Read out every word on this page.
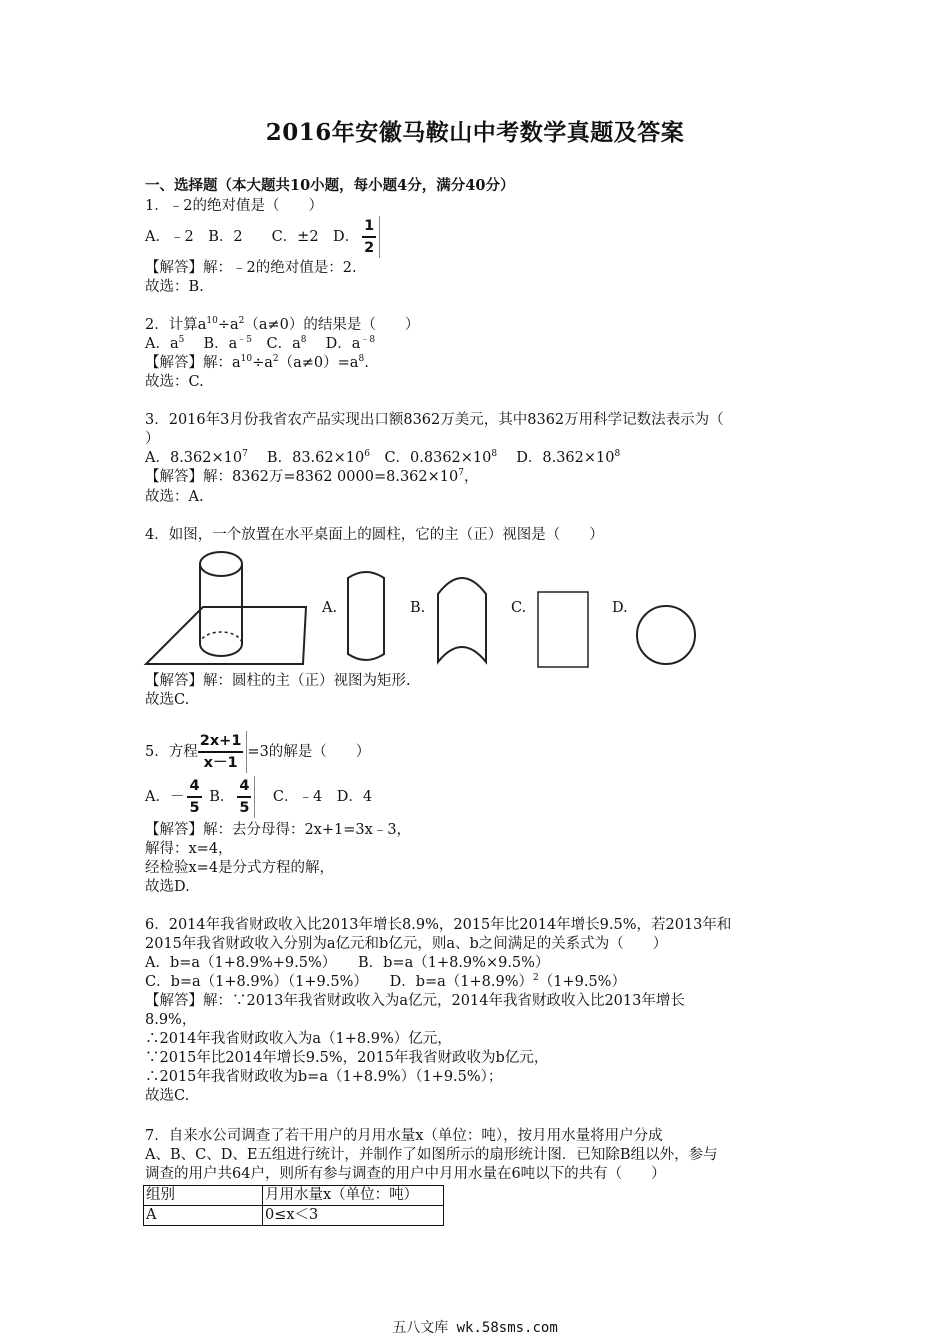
2016年安徽马鞍山中考数学真题及答案
一、选择题（本大题共10小题，每小题4分，满分40分）
1．﹣2的绝对值是（　　）
A．﹣2　B．2　　C．±2　D． $\frac{1}{2}$
【解答】解：﹣2的绝对值是：2.
故选：B.
2．计算$a^{10}\div a^2(a\ne 0)$的结果是（　　）
A．$a^5$　 B．$a^{﹣5}$　C．$a^8$　 D．$a^{﹣8}$
【解答】解：$a^{10}\div a^2(a\ne 0)=a^8$.
故选：C.
3．2016年3月份我省农产品实现出口额8362万美元，其中8362万用科学记数法表示为（
）
A．$8.362\times 10^7$　 B．$83.62\times 10^6$　C．$0.8362\times 10^8$　 D．$8.362\times 10^8$
【解答】解：8362万=8362 $0000=8.362\times 10^7$，
故选：A.
4．如图，一个放置在水平桌面上的圆柱，它的主（正）视图是（　　）
A.	B.	C.	D.
【解答】解：圆柱的主（正）视图为矩形.
故选C.
5．方程 $\frac{2x+1}{x-1} =3$的解是（　　）
A．－ $\frac{4}{5}$ B． $\frac{4}{5}$ 　C．﹣4　D．4
【解答】解：去分母得：2x+1=3x﹣3，
解得：x=4，
经检验x=4是分式方程的解，
故选D.
6．2014年我省财政收入比2013年增长8.9%，2015年比2014年增长9.5%，若2013年和
2015年我省财政收入分别为a亿元和b亿元，则a、b之间满足的关系式为（　　）
A．b=a（1+8.9%+9.5%）　　B．b=a（1+8.9%×9.5%）
C．b=a（1+8.9%）（1+9.5%）　　D．$b=a(1+8.9\%)^2(1+9.5\%)$
【解答】解：∵2013年我省财政收入为a亿元，2014年我省财政收入比2013年增长
8.9%，
∴2014年我省财政收入为a（1+8.9%）亿元，
∵2015年比2014年增长9.5%，2015年我省财政收为b亿元，
∴2015年我省财政收为b=a（1+8.9%）（1+9.5%）；
故选C.
7．自来水公司调查了若干用户的月用水量x（单位：吨），按月用水量将用户分成
A、B、C、D、E五组进行统计，并制作了如图所示的扇形统计图．已知除B组以外，参与
调查的用户共64户，则所有参与调查的用户中月用水量在6吨以下的共有（　　）
组别	月用水量x（单位：吨）
A	0≤x＜3
五八文库 wk.58sms.com
